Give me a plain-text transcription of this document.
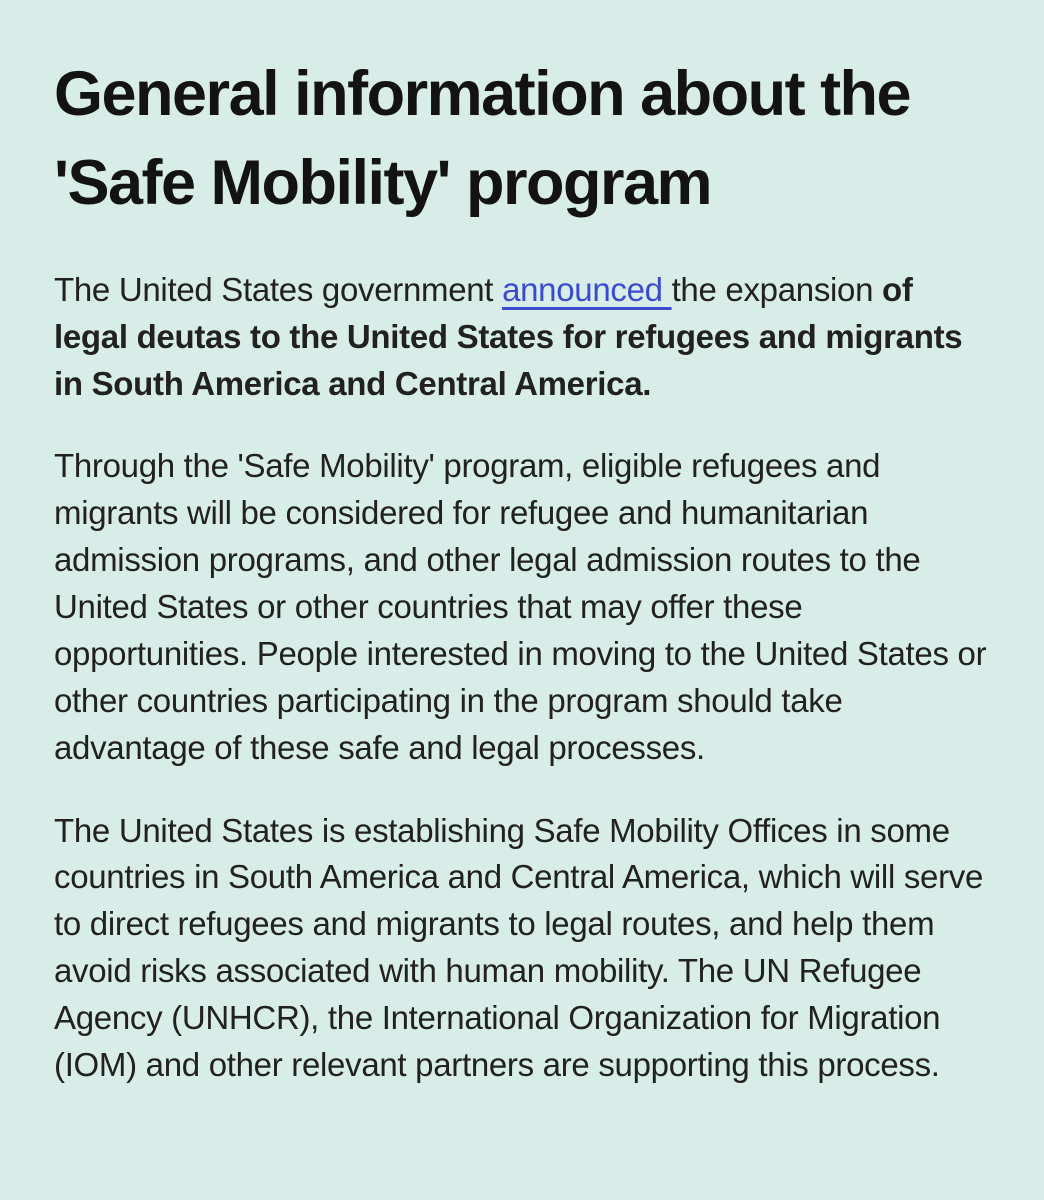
General information about the 'Safe Mobility' program

The United States government announced the expansion of legal deutas to the United States for refugees and migrants in South America and Central America.

Through the 'Safe Mobility' program, eligible refugees and migrants will be considered for refugee and humanitarian admission programs, and other legal admission routes to the United States or other countries that may offer these opportunities. People interested in moving to the United States or other countries participating in the program should take advantage of these safe and legal processes.

The United States is establishing Safe Mobility Offices in some countries in South America and Central America, which will serve to direct refugees and migrants to legal routes, and help them avoid risks associated with human mobility. The UN Refugee Agency (UNHCR), the International Organization for Migration (IOM) and other relevant partners are supporting this process.
